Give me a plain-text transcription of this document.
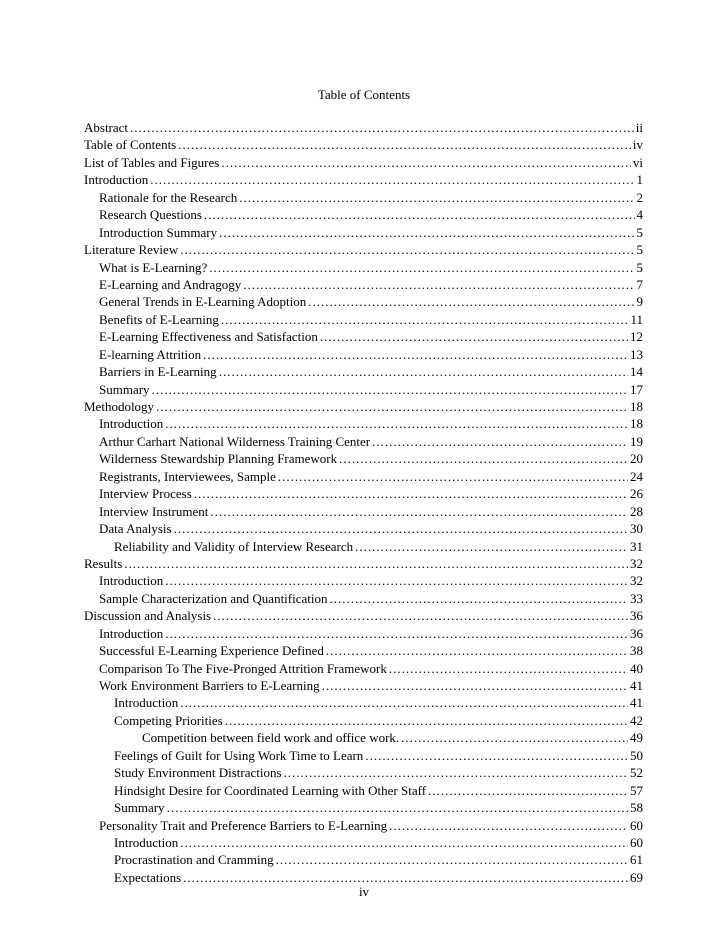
Table of Contents
Abstract .....	ii
Table of Contents .....	iv
List of Tables and Figures .....	vi
Introduction .....	1
Rationale for the Research .....	2
Research Questions .....	4
Introduction Summary .....	5
Literature Review .....	5
What is E-Learning? .....	5
E-Learning and Andragogy .....	7
General Trends in E-Learning Adoption .....	9
Benefits of E-Learning .....	11
E-Learning Effectiveness and Satisfaction .....	12
E-learning Attrition .....	13
Barriers in E-Learning .....	14
Summary .....	17
Methodology .....	18
Introduction .....	18
Arthur Carhart National Wilderness Training Center .....	19
Wilderness Stewardship Planning Framework .....	20
Registrants, Interviewees, Sample .....	24
Interview Process .....	26
Interview Instrument .....	28
Data Analysis .....	30
Reliability and Validity of Interview Research .....	31
Results .....	32
Introduction .....	32
Sample Characterization and Quantification .....	33
Discussion and Analysis .....	36
Introduction .....	36
Successful E-Learning Experience Defined .....	38
Comparison To The Five-Pronged Attrition Framework .....	40
Work Environment Barriers to E-Learning .....	41
Introduction .....	41
Competing Priorities .....	42
Competition between field work and office work. .....	49
Feelings of Guilt for Using Work Time to Learn .....	50
Study Environment Distractions .....	52
Hindsight Desire for Coordinated Learning with Other Staff .....	57
Summary .....	58
Personality Trait and Preference Barriers to E-Learning .....	60
Introduction .....	60
Procrastination and Cramming .....	61
Expectations .....	69
iv
